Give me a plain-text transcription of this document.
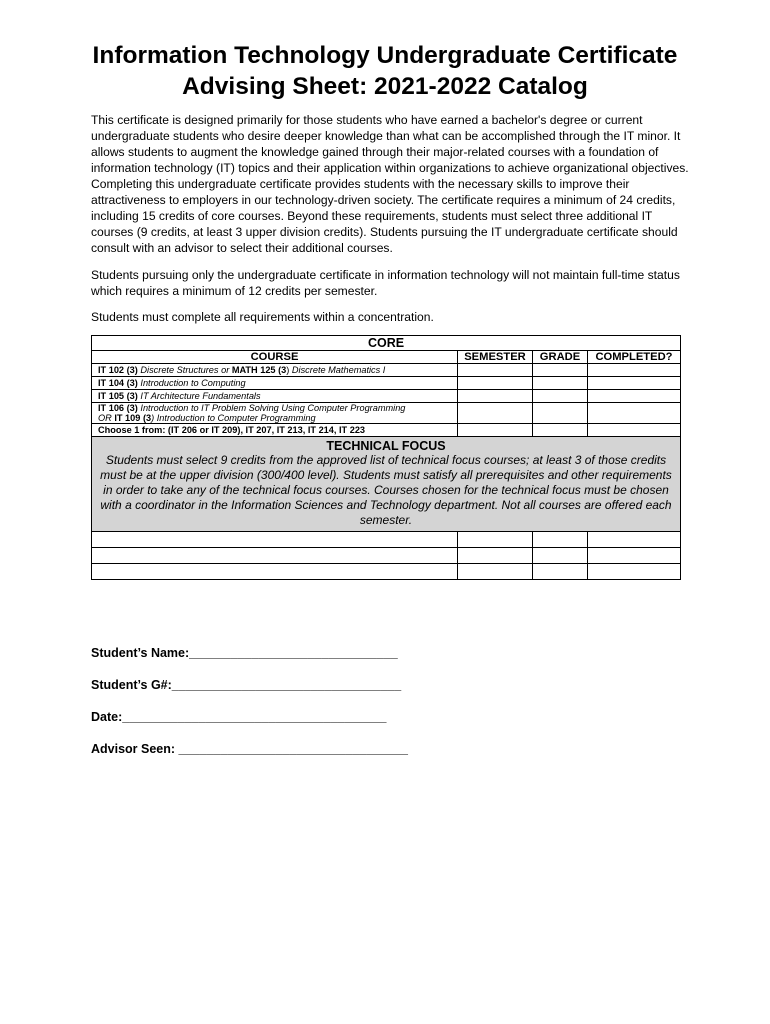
Information Technology Undergraduate Certificate
Advising Sheet: 2021-2022 Catalog

This certificate is designed primarily for those students who have earned a bachelor's degree or current undergraduate students who desire deeper knowledge than what can be accomplished through the IT minor. It allows students to augment the knowledge gained through their major-related courses with a foundation of information technology (IT) topics and their application within organizations to achieve organizational objectives. Completing this undergraduate certificate provides students with the necessary skills to improve their attractiveness to employers in our technology-driven society. The certificate requires a minimum of 24 credits, including 15 credits of core courses. Beyond these requirements, students must select three additional IT courses (9 credits, at least 3 upper division credits). Students pursuing the IT undergraduate certificate should consult with an advisor to select their additional courses.

Students pursuing only the undergraduate certificate in information technology will not maintain full-time status which requires a minimum of 12 credits per semester.

Students must complete all requirements within a concentration.

CORE			
COURSE	SEMESTER	GRADE	COMPLETED?
IT 102 (3) Discrete Structures or MATH 125 (3) Discrete Mathematics I			
IT 104 (3) Introduction to Computing			
IT 105 (3) IT Architecture Fundamentals			
IT 106 (3) Introduction to IT Problem Solving Using Computer Programming
OR IT 109 (3) Introduction to Computer Programming			
Choose 1 from: (IT 206 or IT 209), IT 207, IT 213, IT 214, IT 223			

TECHNICAL FOCUS
Students must select 9 credits from the approved list of technical focus courses; at least 3 of those credits must be at the upper division (300/400 level). Students must satisfy all prerequisites and other requirements in order to take any of the technical focus courses. Courses chosen for the technical focus must be chosen with a coordinator in the Information Sciences and Technology department. Not all courses are offered each semester.			

Student’s Name:______________________________

Student’s G#:_________________________________

Date:______________________________________

Advisor Seen: _________________________________
